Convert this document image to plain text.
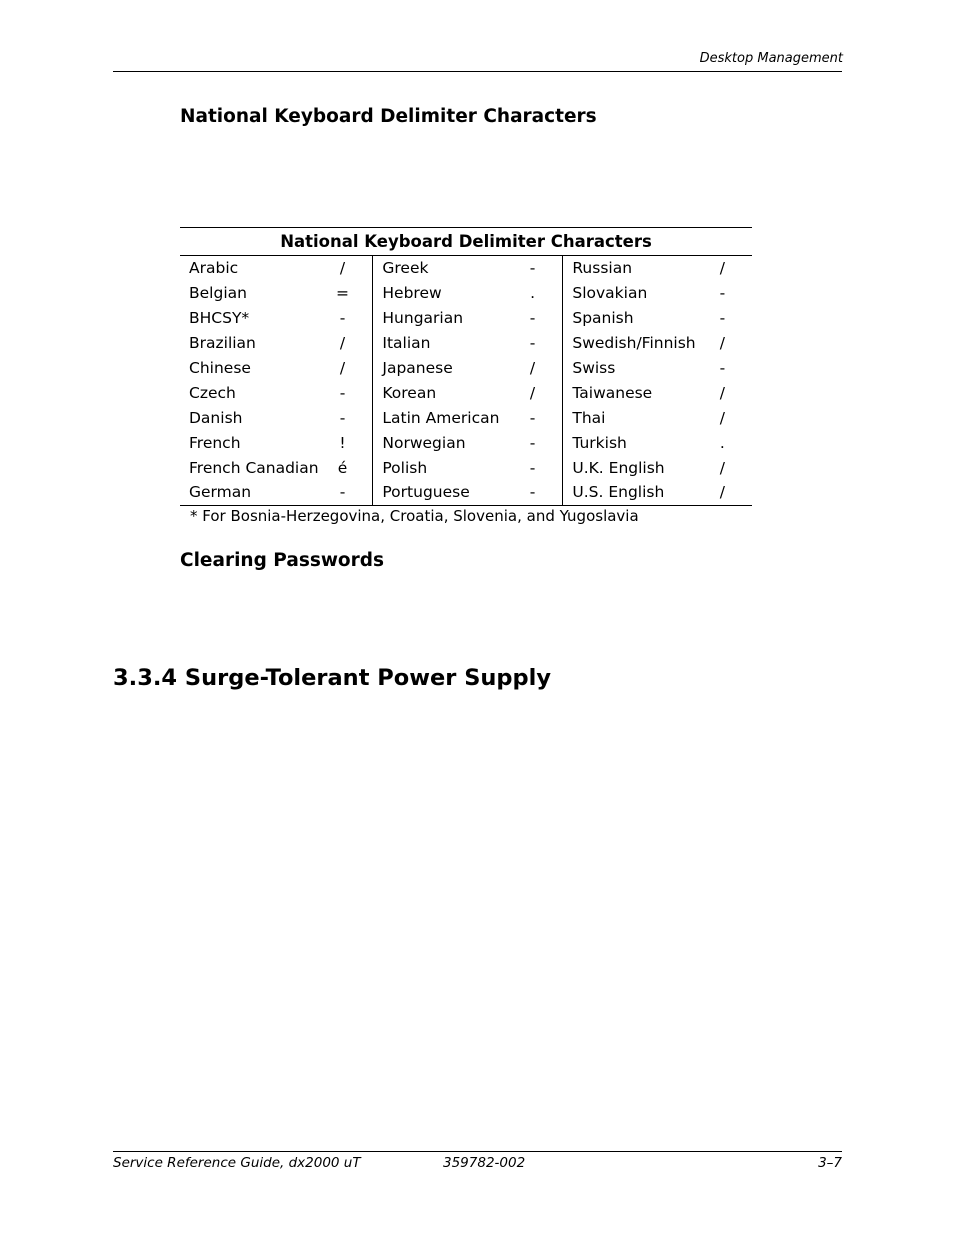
Desktop Management
National Keyboard Delimiter Characters
National Keyboard Delimiter Characters
Arabic	/	Greek	-	Russian	/
Belgian	=	Hebrew	.	Slovakian	-
BHCSY*	-	Hungarian	-	Spanish	-
Brazilian	/	Italian	-	Swedish/Finnish	/
Chinese	/	Japanese	/	Swiss	-
Czech	-	Korean	/	Taiwanese	/
Danish	-	Latin American	-	Thai	/
French	!	Norwegian	-	Turkish	.
French Canadian	é	Polish	-	U.K. English	/
German	-	Portuguese	-	U.S. English	/
* For Bosnia-Herzegovina, Croatia, Slovenia, and Yugoslavia
Clearing Passwords
3.3.4 Surge-Tolerant Power Supply
Service Reference Guide, dx2000 uT	359782-002	3–7
